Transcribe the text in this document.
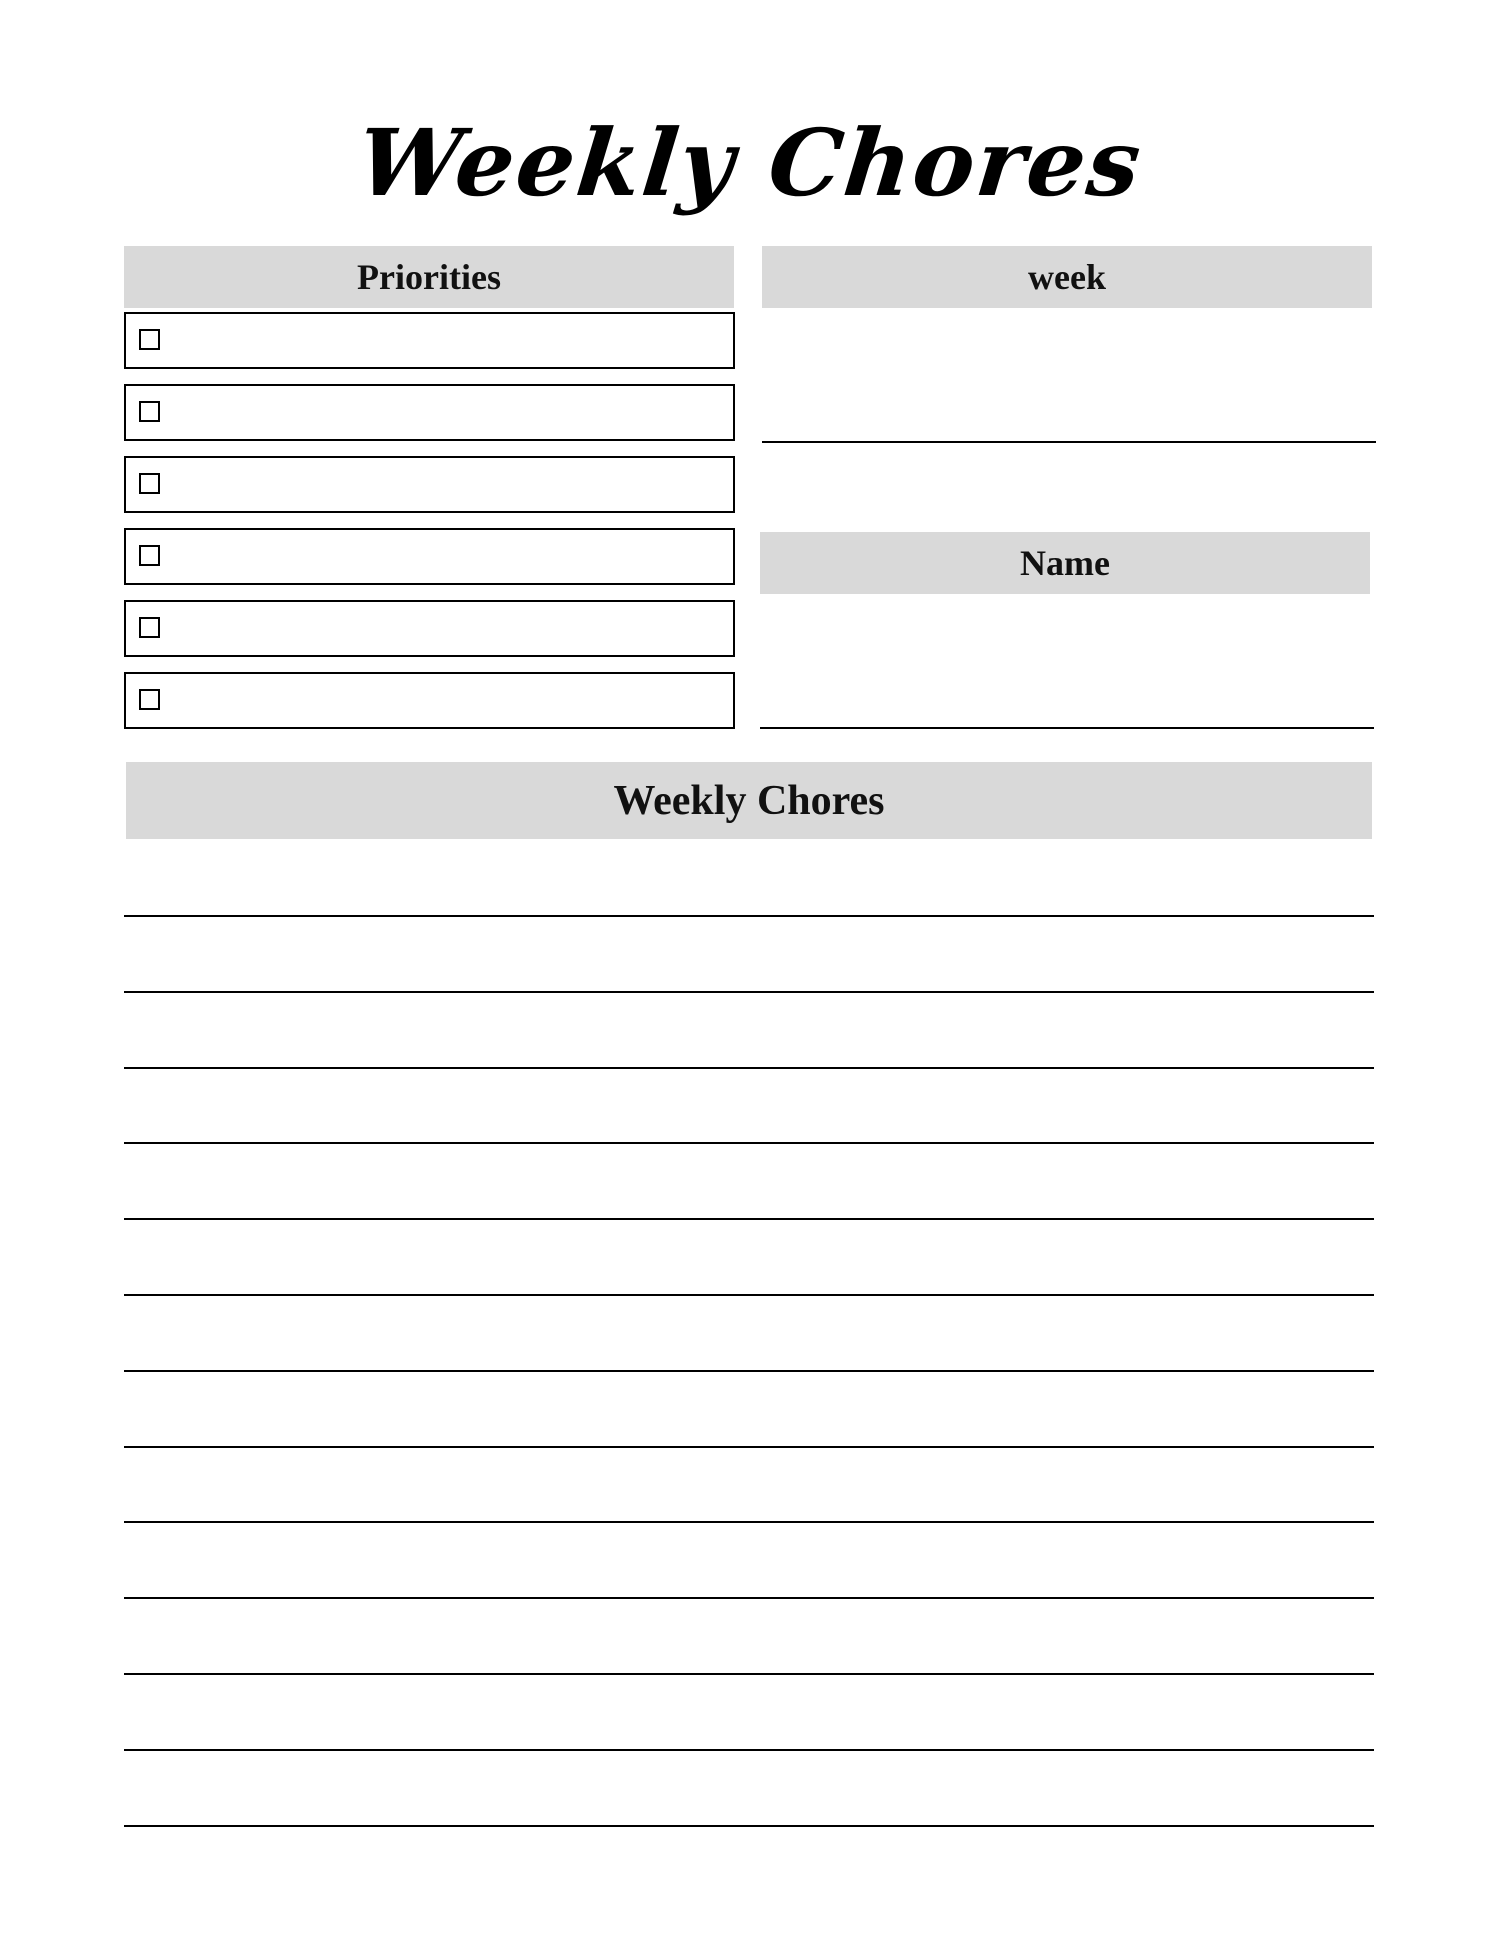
Weekly Chores
Priorities	week
Name
Weekly Chores
